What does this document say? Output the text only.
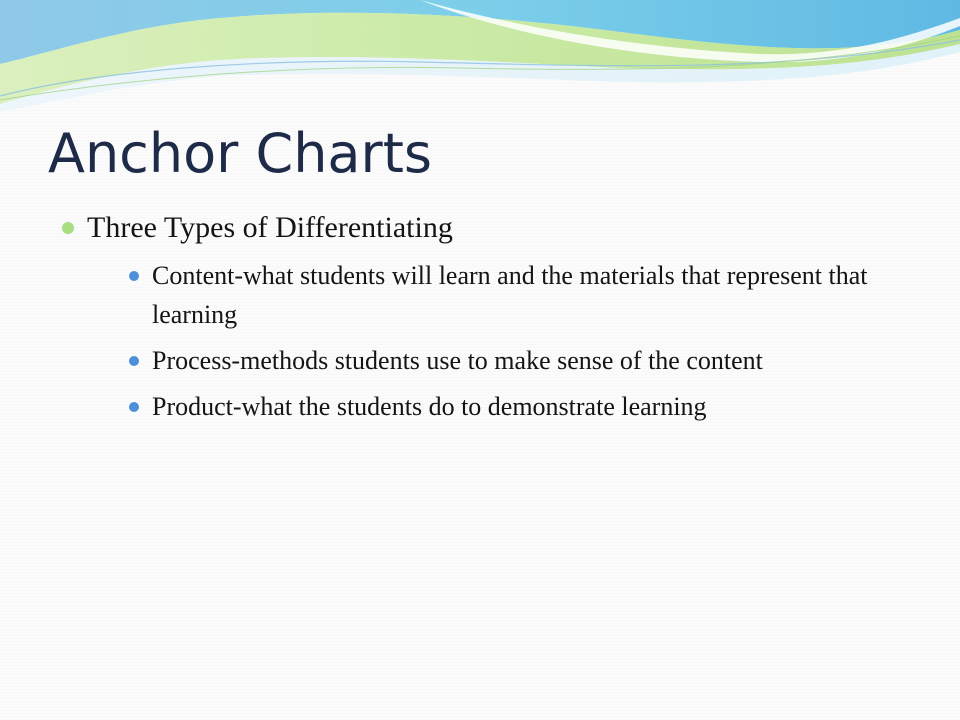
Anchor Charts
Three Types of Differentiating
Content-what students will learn and the materials that represent that learning
Process-methods students use to make sense of the content
Product-what the students do to demonstrate learning
